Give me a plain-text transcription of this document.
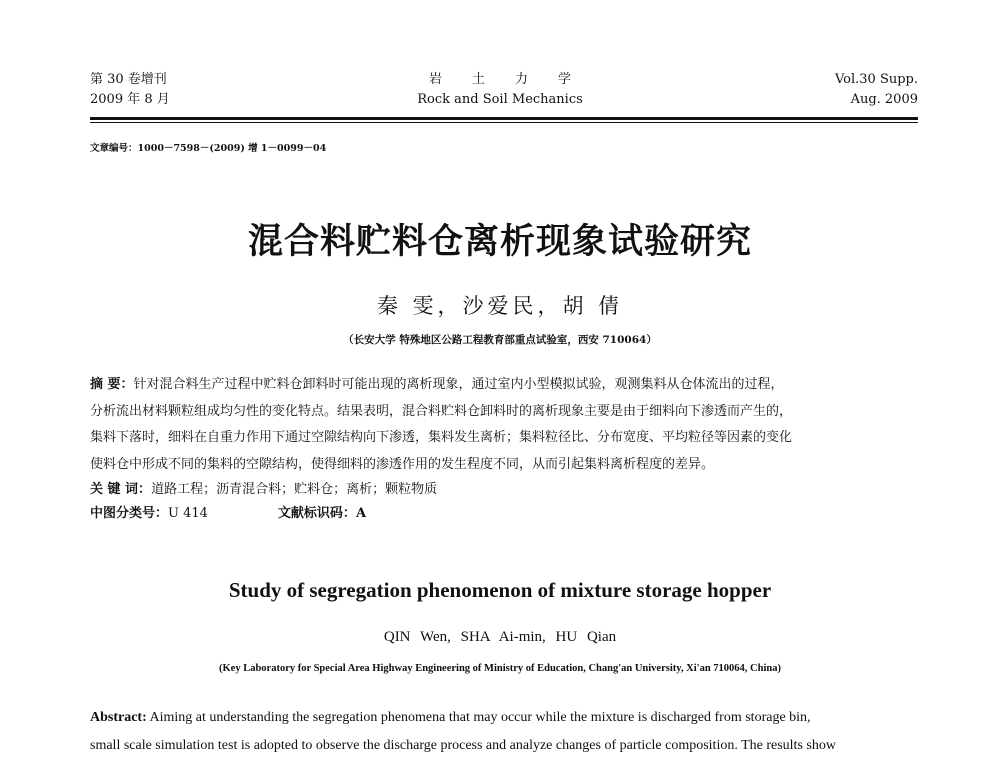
第 30 卷增刊
2009 年 8 月
岩土力学
Rock and Soil Mechanics
Vol.30 Supp.
Aug. 2009
文章编号：1000－7598－(2009) 增 1－0099－04
混合料贮料仓离析现象试验研究
秦 雯，沙爱民，胡 倩
（长安大学 特殊地区公路工程教育部重点试验室，西安 710064）
摘 要：针对混合料生产过程中贮料仓卸料时可能出现的离析现象，通过室内小型模拟试验，观测集料从仓体流出的过程，
分析流出材料颗粒组成均匀性的变化特点。结果表明，混合料贮料仓卸料时的离析现象主要是由于细料向下渗透而产生的，
集料下落时，细料在自重力作用下通过空隙结构向下渗透，集料发生离析；集料粒径比、分布宽度、平均粒径等因素的变化
使料仓中形成不同的集料的空隙结构，使得细料的渗透作用的发生程度不同，从而引起集料离析程度的差异。
关 键 词：道路工程；沥青混合料；贮料仓；离析；颗粒物质
中图分类号：U 414	文献标识码：A
Study of segregation phenomenon of mixture storage hopper
QIN Wen, SHA Ai-min, HU Qian
(Key Laboratory for Special Area Highway Engineering of Ministry of Education, Chang'an University, Xi'an 710064, China)
Abstract: Aiming at understanding the segregation phenomena that may occur while the mixture is discharged from storage bin,
small scale simulation test is adopted to observe the discharge process and analyze changes of particle composition. The results show
